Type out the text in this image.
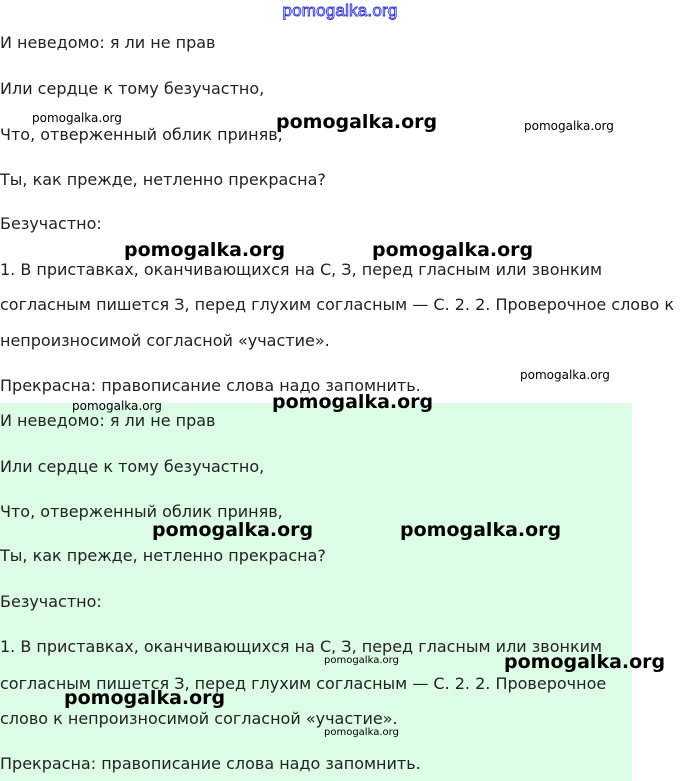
pomogalka.org

И неведомо: я ли не прав

Или сердце к тому безучастно,

Что, отверженный облик приняв,

Ты, как прежде, нетленно прекрасна?

Безучастно:

1. В приставках, оканчивающихся на С, З, перед гласным или звонким

согласным пишется З, перед глухим согласным — С. 2. 2. Проверочное слово к

непроизносимой согласной «участие».

Прекрасна: правописание слова надо запомнить.

И неведомо: я ли не прав

Или сердце к тому безучастно,

Что, отверженный облик приняв,

Ты, как прежде, нетленно прекрасна?

Безучастно:

1. В приставках, оканчивающихся на С, З, перед гласным или звонким

согласным пишется З, перед глухим согласным — С. 2. 2. Проверочное

слово к непроизносимой согласной «участие».

Прекрасна: правописание слова надо запомнить.

pomogalka.org	pomogalka.org	pomogalka.org
pomogalka.org	pomogalka.org
pomogalka.org
pomogalka.org	pomogalka.org
pomogalka.org	pomogalka.org
pomogalka.org	pomogalka.org
pomogalka.org
pomogalka.org
